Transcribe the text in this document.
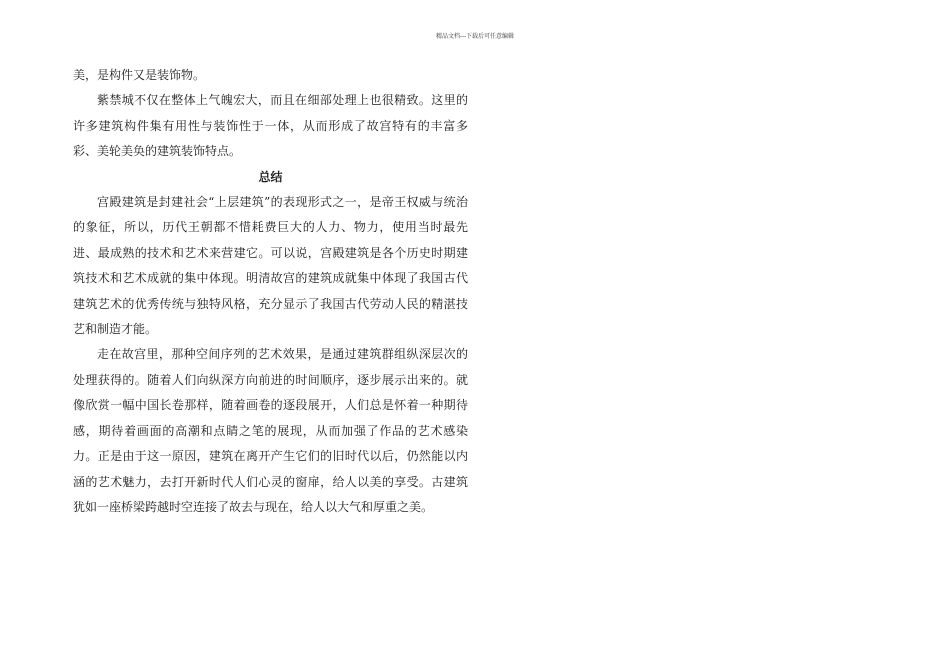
精品文档---下载后可任意编辑

美，是构件又是装饰物。

紫禁城不仅在整体上气魄宏大，而且在细部处理上也很精致。这里的许多建筑构件集有用性与装饰性于一体，从而形成了故宫特有的丰富多彩、美轮美奂的建筑装饰特点。

总结

宫殿建筑是封建社会“上层建筑”的表现形式之一，是帝王权威与统治的象征，所以，历代王朝都不惜耗费巨大的人力、物力，使用当时最先进、最成熟的技术和艺术来营建它。可以说，宫殿建筑是各个历史时期建筑技术和艺术成就的集中体现。明清故宫的建筑成就集中体现了我国古代建筑艺术的优秀传统与独特风格，充分显示了我国古代劳动人民的精湛技艺和制造才能。

走在故宫里，那种空间序列的艺术效果，是通过建筑群组纵深层次的处理获得的。随着人们向纵深方向前进的时间顺序，逐步展示出来的。就像欣赏一幅中国长卷那样，随着画卷的逐段展开，人们总是怀着一种期待感，期待着画面的高潮和点睛之笔的展现，从而加强了作品的艺术感染力。正是由于这一原因，建筑在离开产生它们的旧时代以后，仍然能以内涵的艺术魅力，去打开新时代人们心灵的窗扉，给人以美的享受。古建筑犹如一座桥梁跨越时空连接了故去与现在，给人以大气和厚重之美。
